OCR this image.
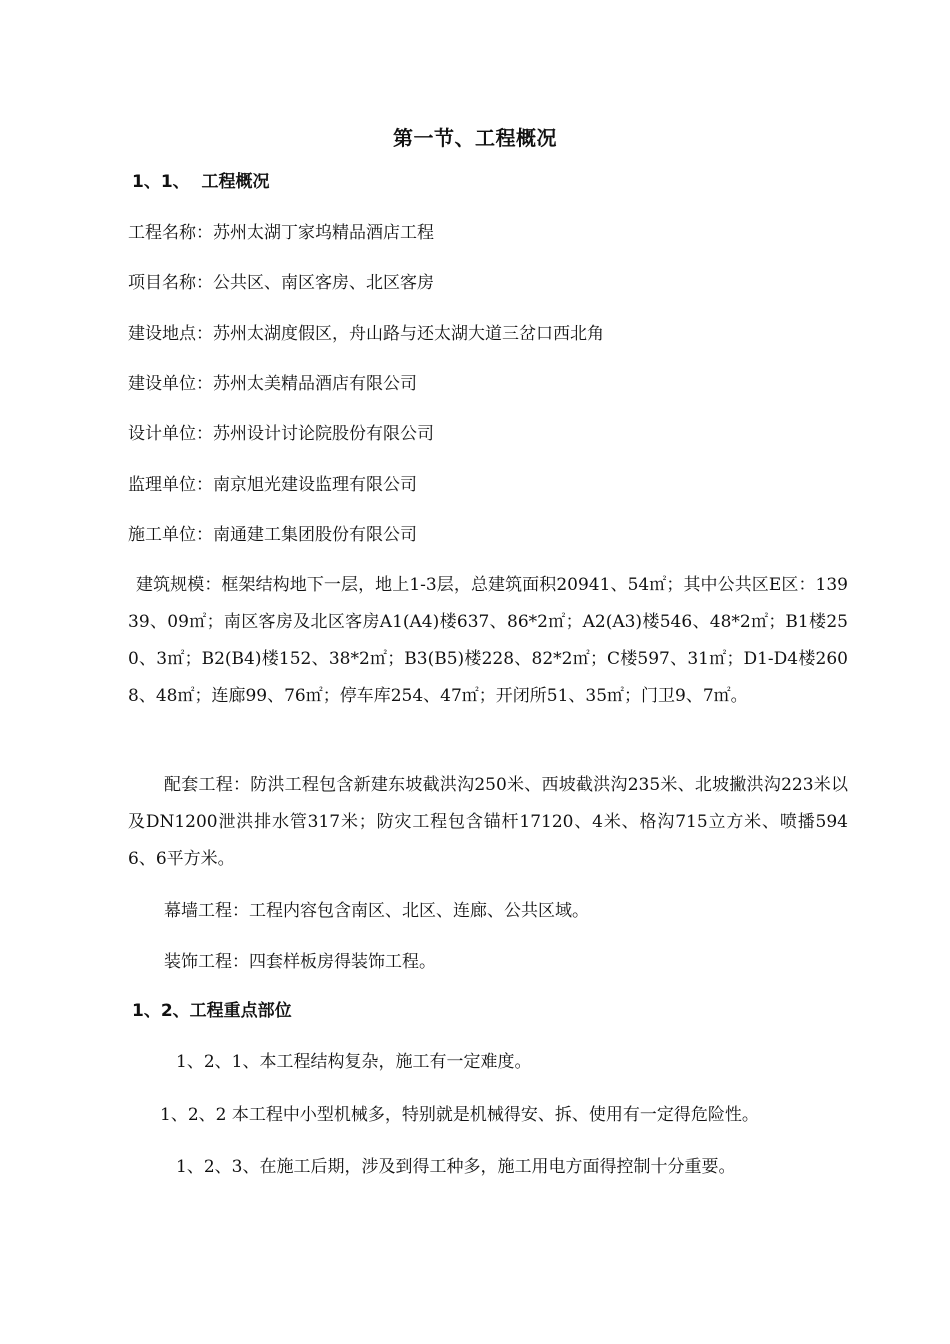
第一节、工程概况
1、1、  工程概况
工程名称：苏州太湖丁家坞精品酒店工程
项目名称：公共区、南区客房、北区客房
建设地点：苏州太湖度假区，舟山路与还太湖大道三岔口西北角
建设单位：苏州太美精品酒店有限公司
设计单位：苏州设计讨论院股份有限公司
监理单位：南京旭光建设监理有限公司
施工单位：南通建工集团股份有限公司
建筑规模：框架结构地下一层，地上1-3层，总建筑面积20941、54㎡；其中公共区E区：13939、09㎡；南区客房及北区客房A1(A4)楼637、86*2㎡；A2(A3)楼546、48*2㎡；B1楼250、3㎡；B2(B4)楼152、38*2㎡；B3(B5)楼228、82*2㎡；C楼597、31㎡；D1-D4楼2608、48㎡；连廊99、76㎡；停车库254、47㎡；开闭所51、35㎡；门卫9、7㎡。
配套工程：防洪工程包含新建东坡截洪沟250米、西坡截洪沟235米、北坡撇洪沟223米以及DN1200泄洪排水管317米；防灾工程包含锚杆17120、4米、格沟715立方米、喷播5946、6平方米。
幕墙工程：工程内容包含南区、北区、连廊、公共区域。
装饰工程：四套样板房得装饰工程。
1、2、工程重点部位
1、2、1、本工程结构复杂，施工有一定难度。
1、2、2 本工程中小型机械多，特别就是机械得安、拆、使用有一定得危险性。
1、2、3、在施工后期，涉及到得工种多，施工用电方面得控制十分重要。
